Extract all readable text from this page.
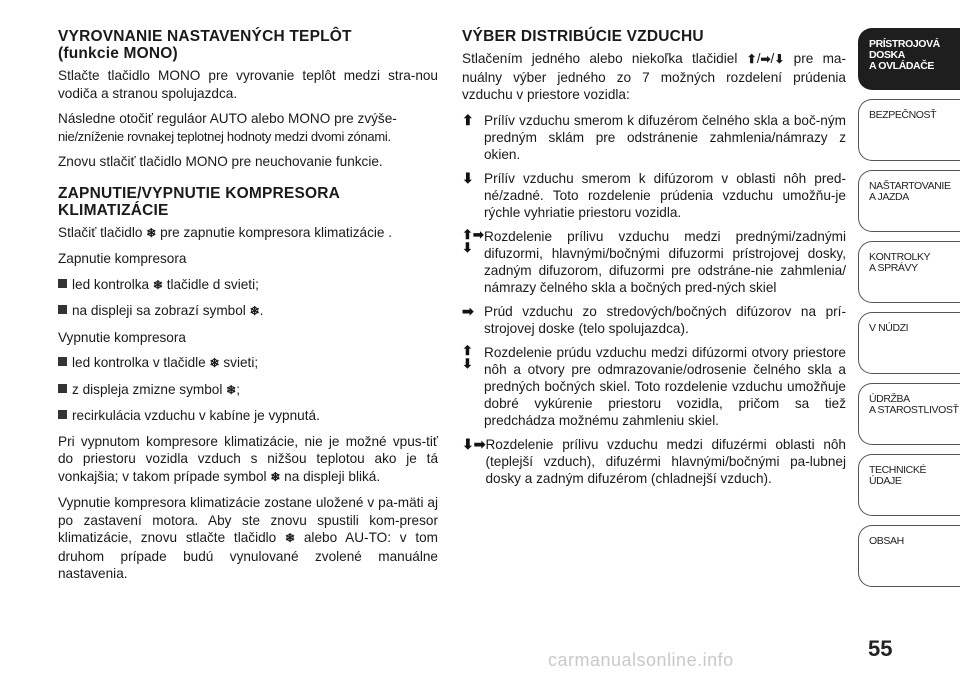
VYROVNANIE NASTAVENÝCH TEPLÔT
(funkcie MONO)

Stlačte tlačidlo MONO pre vyrovanie teplôt medzi stra-nou vodiča a stranou spolujazdca.

Následne otočiť reguláor AUTO alebo MONO pre zvýše-
nie/zníženie rovnakej teplotnej hodnoty medzi dvomi zónami.

Znovu stlačiť tlačidlo MONO pre neuchovanie funkcie.

ZAPNUTIE/VYPNUTIE KOMPRESORA
KLIMATIZÁCIE

Stlačiť tlačidlo ❄ pre zapnutie kompresora klimatizácie .

Zapnutie kompresora

led kontrolka ❄ tlačidle d svieti;
na displeji sa zobrazí symbol ❄.

Vypnutie kompresora

led kontrolka v tlačidle ❄ svieti;
z displeja zmizne symbol ❄;
recirkulácia vzduchu v kabíne je vypnutá.

Pri vypnutom kompresore klimatizácie, nie je možné vpus-tiť do priestoru vozidla vzduch s nižšou teplotou ako je tá vonkajšia; v takom prípade symbol ❄ na displeji bliká.

Vypnutie kompresora klimatizácie zostane uložené v pa-mäti aj po zastavení motora. Aby ste znovu spustili kom-presor klimatizácie, znovu stlačte tlačidlo ❄ alebo AU-TO: v tom druhom prípade budú vynulované zvolené manuálne nastavenia.

VÝBER DISTRIBÚCIE VZDUCHU

Stlačením jedného alebo niekoľka tlačidiel ⬆/➡/⬇ pre ma-nuálny výber jedného zo 7 možných rozdelení prúdenia vzduchu v priestore vozidla:

⬆ Prílív vzduchu smerom k difuzérom čelného skla a boč-ným predným sklám pre odstránenie zahmlenia/námrazy z okien.
⬇ Prílív vzduchu smerom k difúzorom v oblasti nôh pred-né/zadné. Toto rozdelenie prúdenia vzduchu umožňu-je rýchle vyhriatie priestoru vozidla.
⬆➡
⬇
Rozdelenie prílivu vzduchu medzi prednými/zadnými difuzormi, hlavnými/bočnými difuzormi prístrojovej dosky, zadným difuzorom, difuzormi pre odstráne-nie zahmlenia/ námrazy čelného skla a bočných pred-ných skiel
➡ Prúd vzduchu zo stredových/bočných difúzorov na prí-strojovej doske (telo spolujazdca).
⬆
⬇
Rozdelenie prúdu vzduchu medzi difúzormi otvory priestore nôh a otvory pre odmrazovanie/odrosenie čelného skla a predných bočných skiel. Toto rozdelenie vzduchu umožňuje dobré vykúrenie priestoru vozidla, pričom sa tiež predchádza možnému zahmleniu skiel.
⬇➡ Rozdelenie prílivu vzduchu medzi difuzérmi oblasti nôh (teplejší vzduch), difuzérmi hlavnými/bočnými pa-lubnej dosky a zadným difuzérom (chladnejší vzduch).
PRÍSTROJOVÁ
DOSKA
A OVLÁDAČE
BEZPEČNOSŤ
NAŠTARTOVANIE
A JAZDA
KONTROLKY
A SPRÁVY
V NÚDZI
ÚDRŽBA
A STAROSTLIVOSŤ
TECHNICKÉ ÚDAJE
OBSAH
55
carmanualsonline.info
